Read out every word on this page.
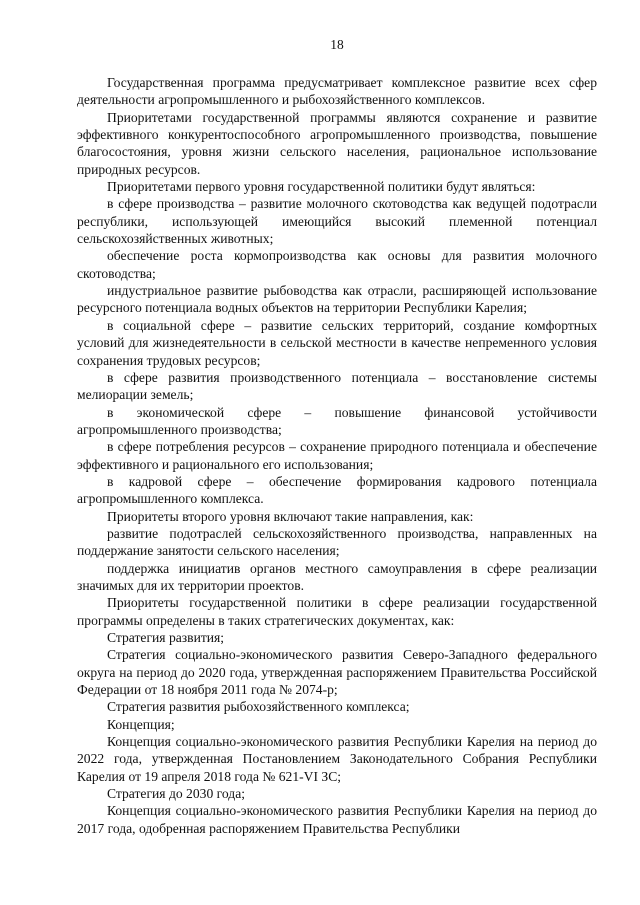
18

Государственная программа предусматривает комплексное развитие всех сфер деятельности агропромышленного и рыбохозяйственного комплексов.

Приоритетами государственной программы являются сохранение и развитие эффективного конкурентоспособного агропромышленного производства, повышение благосостояния, уровня жизни сельского населения, рациональное использование природных ресурсов.

Приоритетами первого уровня государственной политики будут являться:

в сфере производства – развитие молочного скотоводства как ведущей подотрасли республики, использующей имеющийся высокий племенной потенциал сельскохозяйственных животных;

обеспечение роста кормопроизводства как основы для развития молочного скотоводства;

индустриальное развитие рыбоводства как отрасли, расширяющей использование ресурсного потенциала водных объектов на территории Республики Карелия;

в социальной сфере – развитие сельских территорий, создание комфортных условий для жизнедеятельности в сельской местности в качестве непременного условия сохранения трудовых ресурсов;

в сфере развития производственного потенциала – восстановление системы мелиорации земель;

в экономической сфере – повышение финансовой устойчивости агропромышленного производства;

в сфере потребления ресурсов – сохранение природного потенциала и обеспечение эффективного и рационального его использования;

в кадровой сфере – обеспечение формирования кадрового потенциала агропромышленного комплекса.

Приоритеты второго уровня включают такие направления, как:

развитие подотраслей сельскохозяйственного производства, направленных на поддержание занятости сельского населения;

поддержка инициатив органов местного самоуправления в сфере реализации значимых для их территории проектов.

Приоритеты государственной политики в сфере реализации государственной программы определены в таких стратегических документах, как:

Стратегия развития;

Стратегия социально-экономического развития Северо-Западного федерального округа на период до 2020 года, утвержденная распоряжением Правительства Российской Федерации от 18 ноября 2011 года № 2074-р;

Стратегия развития рыбохозяйственного комплекса;

Концепция;

Концепция социально-экономического развития Республики Карелия на период до 2022 года, утвержденная Постановлением Законодательного Собрания Республики Карелия от 19 апреля 2018 года № 621-VI ЗС;

Стратегия до 2030 года;

Концепция социально-экономического развития Республики Карелия на период до 2017 года, одобренная распоряжением Правительства Республики
